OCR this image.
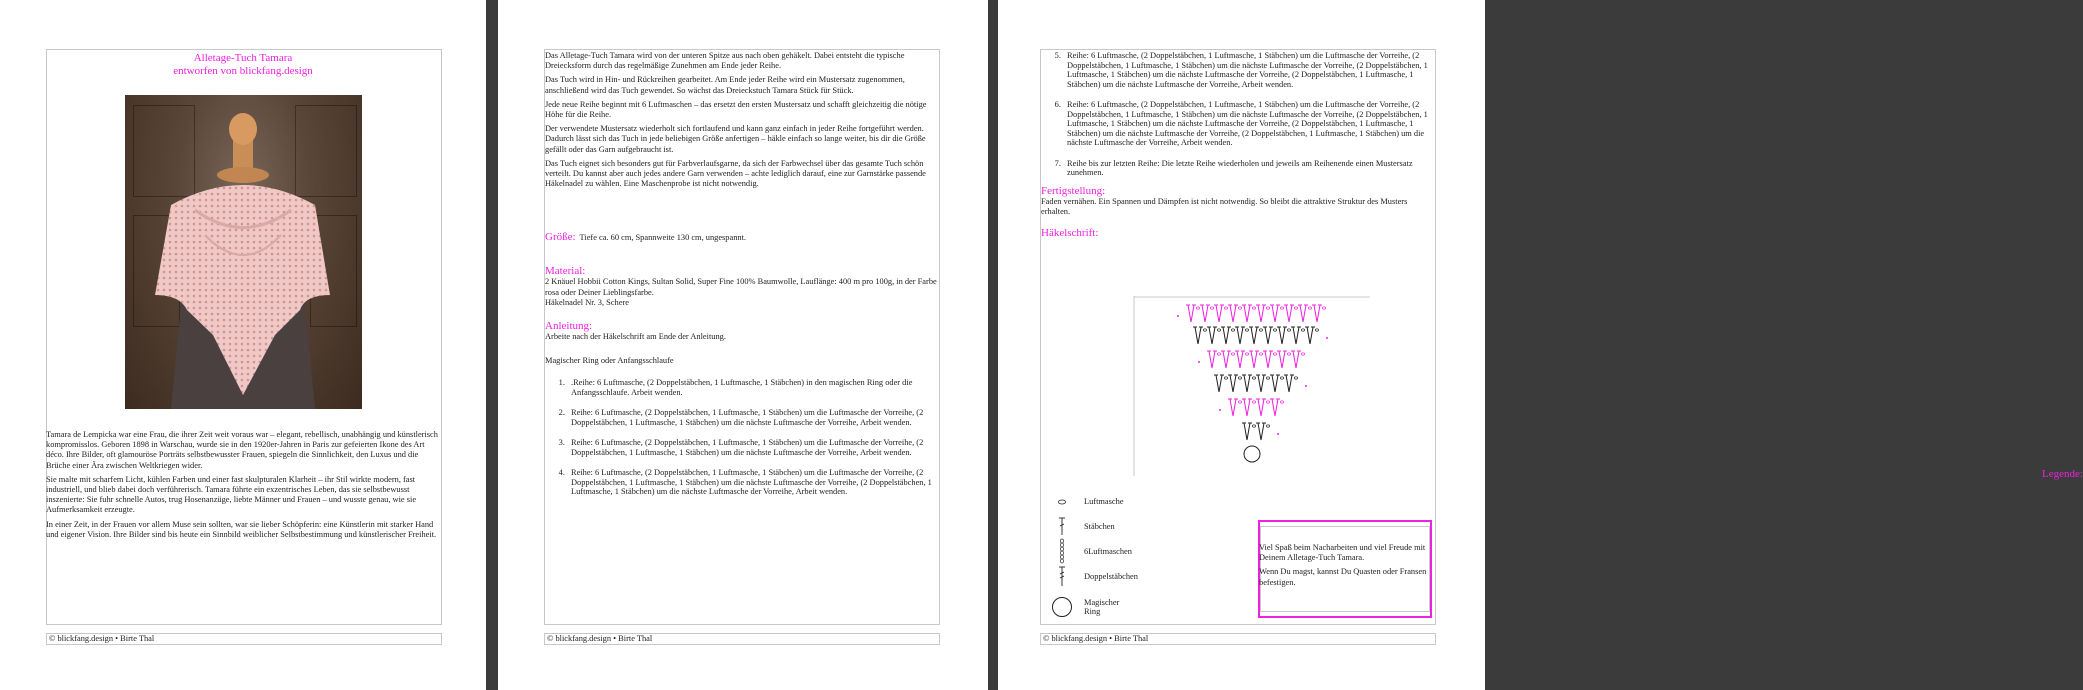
Alletage-Tuch Tamara
entworfen von blickfang.design

Tamara de Lempicka war eine Frau, die ihrer Zeit weit voraus war – elegant, rebellisch, unabhängig und künstlerisch kompromisslos. Geboren 1898 in Warschau, wurde sie in den 1920er-Jahren in Paris zur gefeierten Ikone des Art déco. Ihre Bilder, oft glamouröse Porträts selbstbewusster Frauen, spiegeln die Sinnlichkeit, den Luxus und die Brüche einer Ära zwischen Weltkriegen wider.

Sie malte mit scharfem Licht, kühlen Farben und einer fast skulpturalen Klarheit – ihr Stil wirkte modern, fast industriell, und blieb dabei doch verführerisch. Tamara führte ein exzentrisches Leben, das sie selbstbewusst inszenierte: Sie fuhr schnelle Autos, trug Hosenanzüge, liebte Männer und Frauen – und wusste genau, wie sie Aufmerksamkeit erzeugte.

In einer Zeit, in der Frauen vor allem Muse sein sollten, war sie lieber Schöpferin: eine Künstlerin mit starker Hand und eigener Vision. Ihre Bilder sind bis heute ein Sinnbild weiblicher Selbstbestimmung und künstlerischer Freiheit.

© blickfang.design • Birte Thal

Das Alletage-Tuch Tamara wird von der unteren Spitze aus nach oben gehäkelt. Dabei entsteht die typische Dreiecksform durch das regelmäßige Zunehmen am Ende jeder Reihe.

Das Tuch wird in Hin- und Rückreihen gearbeitet. Am Ende jeder Reihe wird ein Mustersatz zugenommen, anschließend wird das Tuch gewendet. So wächst das Dreieckstuch Tamara Stück für Stück.

Jede neue Reihe beginnt mit 6 Luftmaschen – das ersetzt den ersten Mustersatz und schafft gleichzeitig die nötige Höhe für die Reihe.

Der verwendete Mustersatz wiederholt sich fortlaufend und kann ganz einfach in jeder Reihe fortgeführt werden. Dadurch lässt sich das Tuch in jede beliebigen Größe anfertigen – häkle einfach so lange weiter, bis dir die Größe gefällt oder das Garn aufgebraucht ist.

Das Tuch eignet sich besonders gut für Farbverlaufsgarne, da sich der Farbwechsel über das gesamte Tuch schön verteilt. Du kannst aber auch jedes andere Garn verwenden – achte lediglich darauf, eine zur Garnstärke passende Häkelnadel zu wählen. Eine Maschenprobe ist nicht notwendig.

Größe: Tiefe ca. 60 cm, Spannweite 130 cm, ungespannt.
Material:
2 Knäuel Hobbii Cotton Kings, Sultan Solid, Super Fine 100% Baumwolle, Lauflänge: 400 m pro 100g, in der Farbe rosa oder Deiner Lieblingsfarbe.
Häkelnadel Nr. 3, Schere
Anleitung:
Arbeite nach der Häkelschrift am Ende der Anleitung.
Magischer Ring oder Anfangsschlaufe
1. .Reihe: 6 Luftmasche, (2 Doppelstäbchen, 1 Luftmasche, 1 Stäbchen) in den magischen Ring oder die Anfangsschlaufe. Arbeit wenden.
2. Reihe: 6 Luftmasche, (2 Doppelstäbchen, 1 Luftmasche, 1 Stäbchen) um die Luftmasche der Vorreihe, (2 Doppelstäbchen, 1 Luftmasche, 1 Stäbchen) um die nächste Luftmasche der Vorreihe, Arbeit wenden.
3. Reihe: 6 Luftmasche, (2 Doppelstäbchen, 1 Luftmasche, 1 Stäbchen) um die Luftmasche der Vorreihe, (2 Doppelstäbchen, 1 Luftmasche, 1 Stäbchen) um die nächste Luftmasche der Vorreihe, Arbeit wenden.
4. Reihe: 6 Luftmasche, (2 Doppelstäbchen, 1 Luftmasche, 1 Stäbchen) um die Luftmasche der Vorreihe, (2 Doppelstäbchen, 1 Luftmasche, 1 Stäbchen) um die nächste Luftmasche der Vorreihe, (2 Doppelstäbchen, 1 Luftmasche, 1 Stäbchen) um die nächste Luftmasche der Vorreihe, Arbeit wenden.
© blickfang.design • Birte Thal
5. Reihe: 6 Luftmasche, (2 Doppelstäbchen, 1 Luftmasche, 1 Stäbchen) um die Luftmasche der Vorreihe, (2 Doppelstäbchen, 1 Luftmasche, 1 Stäbchen) um die nächste Luftmasche der Vorreihe, (2 Doppelstäbchen, 1 Luftmasche, 1 Stäbchen) um die nächste Luftmasche der Vorreihe, (2 Doppelstäbchen, 1 Luftmasche, 1 Stäbchen) um die nächste Luftmasche der Vorreihe, Arbeit wenden.
6. Reihe: 6 Luftmasche, (2 Doppelstäbchen, 1 Luftmasche, 1 Stäbchen) um die Luftmasche der Vorreihe, (2 Doppelstäbchen, 1 Luftmasche, 1 Stäbchen) um die nächste Luftmasche der Vorreihe, (2 Doppelstäbchen, 1 Luftmasche, 1 Stäbchen) um die nächste Luftmasche der Vorreihe, (2 Doppelstäbchen, 1 Luftmasche, 1 Stäbchen) um die nächste Luftmasche der Vorreihe, (2 Doppelstäbchen, 1 Luftmasche, 1 Stäbchen) um die nächste Luftmasche der Vorreihe, Arbeit wenden.
7. Reihe bis zur letzten Reihe: Die letzte Reihe wiederholen und jeweils am Reihenende einen Mustersatz zunehmen.
Fertigstellung:
Faden vernähen. Ein Spannen und Dämpfen ist nicht notwendig. So bleibt die attraktive Struktur des Musters erhalten.
Häkelschrift:
Legende:
Luftmasche
Stäbchen
6Luftmaschen
Doppelstäbchen
Magischer Ring

Viel Spaß beim Nacharbeiten und viel Freude mit Deinem Alletage-Tuch Tamara.

Wenn Du magst, kannst Du Quasten oder Fransen befestigen.

© blickfang.design • Birte Thal
